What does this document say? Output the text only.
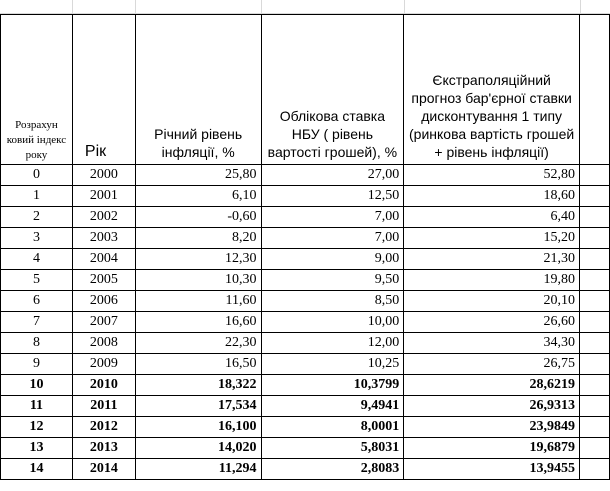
Розрахун ковий індекс року	Рік	Річний рівень інфляції, %	Облікова ставка НБУ ( рівень вартості грошей), %	Єкстраполяційний прогноз бар'єрної ставки дисконтування 1 типу (ринкова вартість грошей + рівень інфляції)	
0	2000	25,80	27,00	52,80	
1	2001	6,10	12,50	18,60	
2	2002	-0,60	7,00	6,40	
3	2003	8,20	7,00	15,20	
4	2004	12,30	9,00	21,30	
5	2005	10,30	9,50	19,80	
6	2006	11,60	8,50	20,10	
7	2007	16,60	10,00	26,60	
8	2008	22,30	12,00	34,30	
9	2009	16,50	10,25	26,75	
10	2010	18,322	10,3799	28,6219	
11	2011	17,534	9,4941	26,9313	
12	2012	16,100	8,0001	23,9849	
13	2013	14,020	5,8031	19,6879	
14	2014	11,294	2,8083	13,9455	
